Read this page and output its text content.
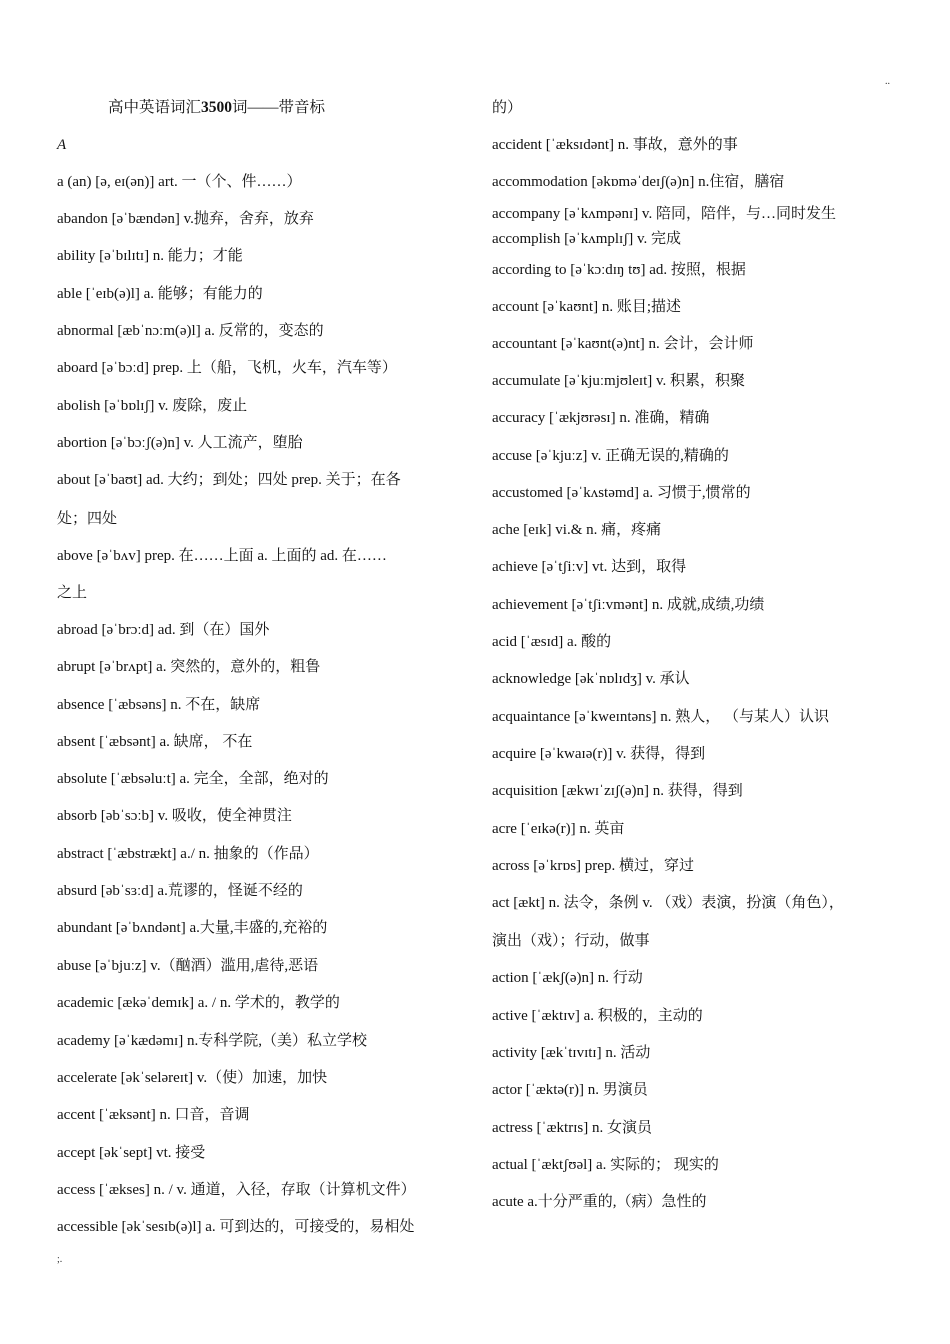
..
;.
高中英语词汇3500词——带音标
A
a (an) [ə, eɪ(ən)] art. 一（个、件……）
abandon [əˈbændən] v.抛弃，舍弃，放弃
ability [əˈbɪlɪtɪ] n. 能力；才能
able [ˈeɪb(ə)l] a. 能够；有能力的
abnormal [æbˈnɔːm(ə)l] a. 反常的，变态的
aboard [əˈbɔːd] prep. 上（船，飞机，火车，汽车等）
abolish [əˈbɒlɪʃ] v. 废除，废止
abortion [əˈbɔːʃ(ə)n] v. 人工流产，堕胎
about [əˈbaʊt] ad. 大约；到处；四处 prep. 关于；在各
处；四处
above [əˈbʌv] prep. 在……上面 a. 上面的 ad. 在……
之上
abroad [əˈbrɔːd] ad. 到（在）国外
abrupt [əˈbrʌpt] a. 突然的，意外的，粗鲁
absence [ˈæbsəns] n. 不在，缺席
absent [ˈæbsənt] a. 缺席， 不在
absolute [ˈæbsəluːt] a. 完全，全部，绝对的
absorb [əbˈsɔːb] v. 吸收，使全神贯注
abstract [ˈæbstrækt] a./ n. 抽象的（作品）
absurd [əbˈsɜːd] a.荒谬的，怪诞不经的
abundant [əˈbʌndənt] a.大量,丰盛的,充裕的
abuse [əˈbjuːz] v.（酗酒）滥用,虐待,恶语
academic [ækəˈdemɪk] a. / n. 学术的，教学的
academy [əˈkædəmɪ] n.专科学院,（美）私立学校
accelerate [əkˈseləreɪt] v.（使）加速，加快
accent [ˈæksənt] n. 口音，音调
accept [əkˈsept] vt. 接受
access [ˈækses] n. / v. 通道，入径，存取（计算机文件）
accessible [əkˈsesɪb(ə)l] a. 可到达的，可接受的，易相处
的）
accident [ˈæksɪdənt] n. 事故，意外的事
accommodation [əkɒməˈdeɪʃ(ə)n] n.住宿，膳宿
accompany [əˈkʌmpənɪ] v. 陪同，陪伴，与…同时发生
accomplish [əˈkʌmplɪʃ] v. 完成
according to [əˈkɔːdɪŋ tʊ] ad. 按照，根据
account [əˈkaʊnt] n. 账目;描述
accountant [əˈkaʊnt(ə)nt] n. 会计，会计师
accumulate [əˈkjuːmjʊleɪt] v. 积累，积聚
accuracy [ˈækjʊrəsɪ] n. 准确，精确
accuse [əˈkjuːz] v. 正确无误的,精确的
accustomed [əˈkʌstəmd] a. 习惯于,惯常的
ache [eɪk] vi.& n. 痛，疼痛
achieve [əˈtʃiːv] vt. 达到，取得
achievement [əˈtʃiːvmənt] n. 成就,成绩,功绩
acid [ˈæsɪd] a. 酸的
acknowledge [əkˈnɒlɪdʒ] v. 承认
acquaintance [əˈkweɪntəns] n. 熟人， （与某人）认识
acquire [əˈkwaɪə(r)] v. 获得，得到
acquisition [ækwɪˈzɪʃ(ə)n] n. 获得，得到
acre [ˈeɪkə(r)] n. 英亩
across [əˈkrɒs] prep. 横过，穿过
act [ækt] n. 法令，条例 v. （戏）表演，扮演（角色），
演出（戏）；行动，做事
action [ˈækʃ(ə)n] n. 行动
active [ˈæktɪv] a. 积极的，主动的
activity [ækˈtɪvɪtɪ] n. 活动
actor [ˈæktə(r)] n. 男演员
actress [ˈæktrɪs] n. 女演员
actual [ˈæktʃʊəl] a. 实际的； 现实的
acute a.十分严重的,（病）急性的
